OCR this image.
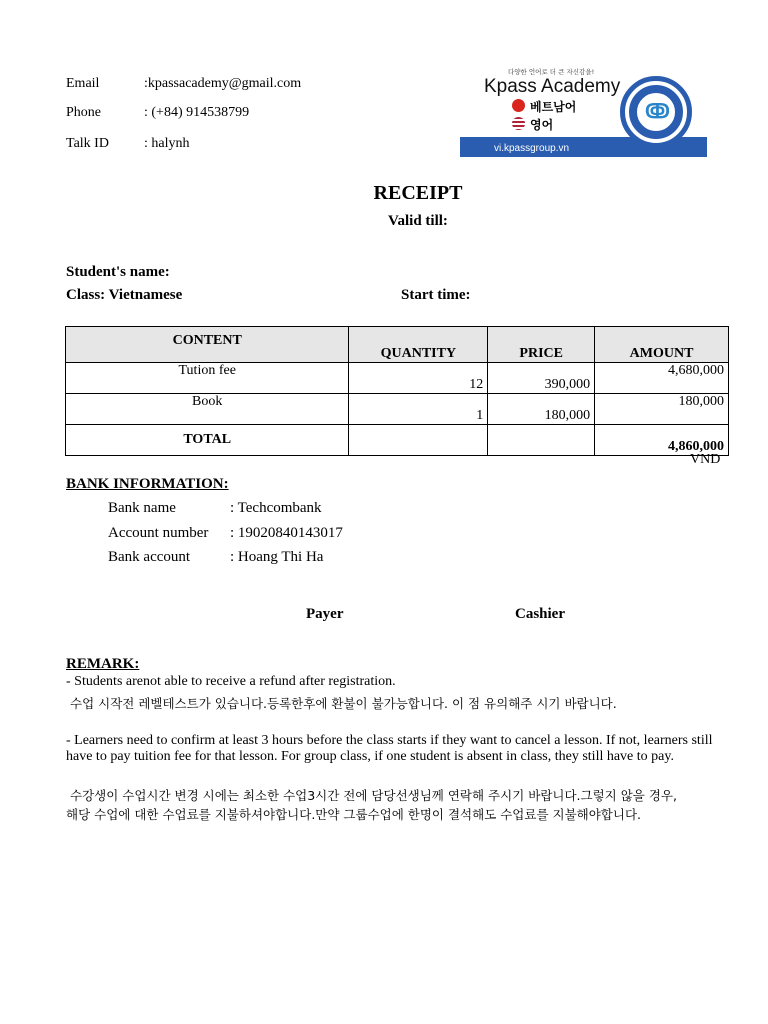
Email	:kpassacademy@gmail.com
Phone	: (+84) 914538799
Talk ID	: halynh
다양한 언어로 더 큰 자신감을!
Kpass Academy
베트남어
영어
vi.kpassgroup.vn
ↂ
RECEIPT
Valid till:
Student's name:
Class: Vietnamese	Start time:
CONTENT	QUANTITY	PRICE	AMOUNT
Tution fee	12	390,000	4,680,000
Book	1	180,000	180,000
TOTAL			4,860,000
VND
BANK INFORMATION:
Bank name	: Techcombank
Account number : 19020840143017
Bank account	: Hoang Thi Ha
Payer	Cashier
REMARK:
- Students arenot able to receive a refund after registration.
수업 시작전 레벨테스트가 있습니다.등록한후에 환불이 불가능합니다. 이 점 유의해주 시기 바랍니다.
- Learners need to confirm at least 3 hours before the class starts if they want to cancel a lesson. If not, learners still have to pay tuition fee for that lesson. For group class, if one student is absent in class, they still have to pay.
수강생이 수업시간 변경 시에는 최소한 수업3시간 전에 담당선생님께 연락해 주시기 바랍니다.그렇지 않을 경우,
해당 수업에 대한 수업료를 지불하셔야합니다.만약 그룹수업에 한명이 결석해도 수업료를 지불해야합니다.
